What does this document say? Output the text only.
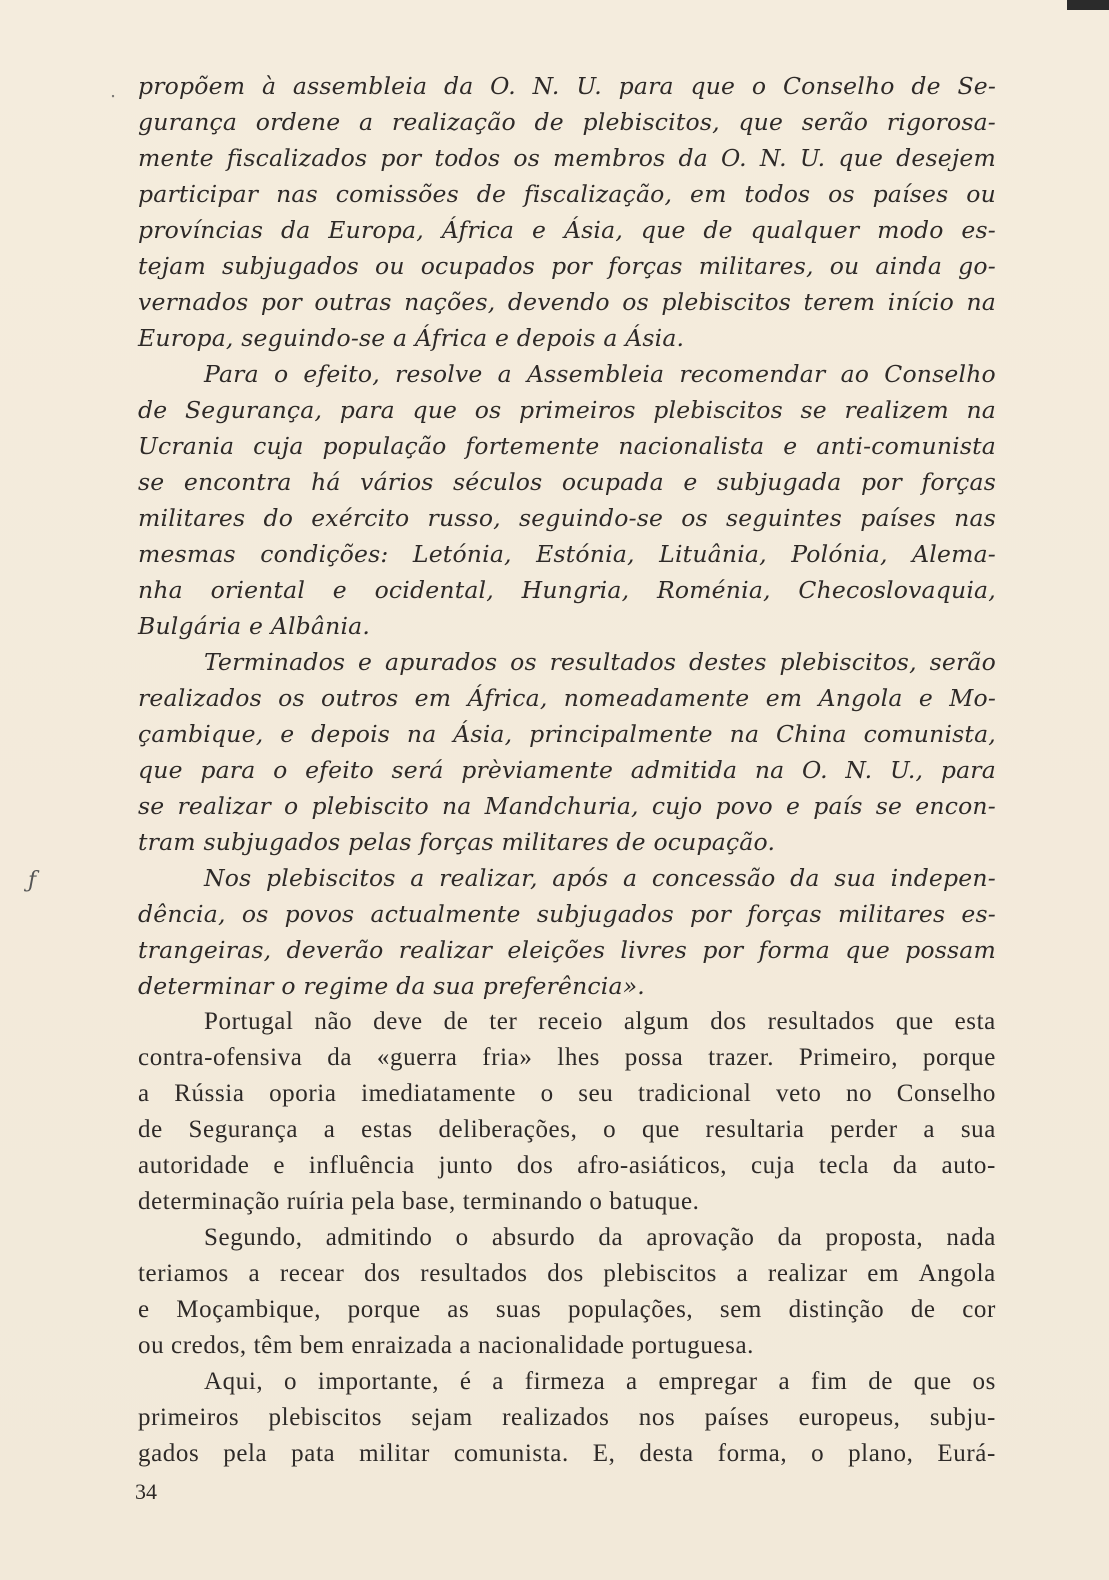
⸼
ƒ
propõem à assembleia da O. N. U. para que o Conselho de Se-
gurança ordene a realização de plebiscitos, que serão rigorosa-
mente fiscalizados por todos os membros da O. N. U. que desejem
participar nas comissões de fiscalização, em todos os países ou
províncias da Europa, África e Ásia, que de qualquer modo es-
tejam subjugados ou ocupados por forças militares, ou ainda go-
vernados por outras nações, devendo os plebiscitos terem início na
Europa, seguindo-se a África e depois a Ásia.
Para o efeito, resolve a Assembleia recomendar ao Conselho
de Segurança, para que os primeiros plebiscitos se realizem na
Ucrania cuja população fortemente nacionalista e anti-comunista
se encontra há vários séculos ocupada e subjugada por forças
militares do exército russo, seguindo-se os seguintes países nas
mesmas condições: Letónia, Estónia, Lituânia, Polónia, Alema-
nha oriental e ocidental, Hungria, Roménia, Checoslovaquia,
Bulgária e Albânia.
Terminados e apurados os resultados destes plebiscitos, serão
realizados os outros em África, nomeadamente em Angola e Mo-
çambique, e depois na Ásia, principalmente na China comunista,
que para o efeito será prèviamente admitida na O. N. U., para
se realizar o plebiscito na Mandchuria, cujo povo e país se encon-
tram subjugados pelas forças militares de ocupação.
Nos plebiscitos a realizar, após a concessão da sua indepen-
dência, os povos actualmente subjugados por forças militares es-
trangeiras, deverão realizar eleições livres por forma que possam
determinar o regime da sua preferência».
Portugal não deve de ter receio algum dos resultados que esta
contra-ofensiva da «guerra fria» lhes possa trazer. Primeiro, porque
a Rússia oporia imediatamente o seu tradicional veto no Conselho
de Segurança a estas deliberações, o que resultaria perder a sua
autoridade e influência junto dos afro-asiáticos, cuja tecla da auto-
determinação ruíria pela base, terminando o batuque.
Segundo, admitindo o absurdo da aprovação da proposta, nada
teriamos a recear dos resultados dos plebiscitos a realizar em Angola
e Moçambique, porque as suas populações, sem distinção de cor
ou credos, têm bem enraizada a nacionalidade portuguesa.
Aqui, o importante, é a firmeza a empregar a fim de que os
primeiros plebiscitos sejam realizados nos países europeus, subju-
gados pela pata militar comunista. E, desta forma, o plano, Eurá-
34
